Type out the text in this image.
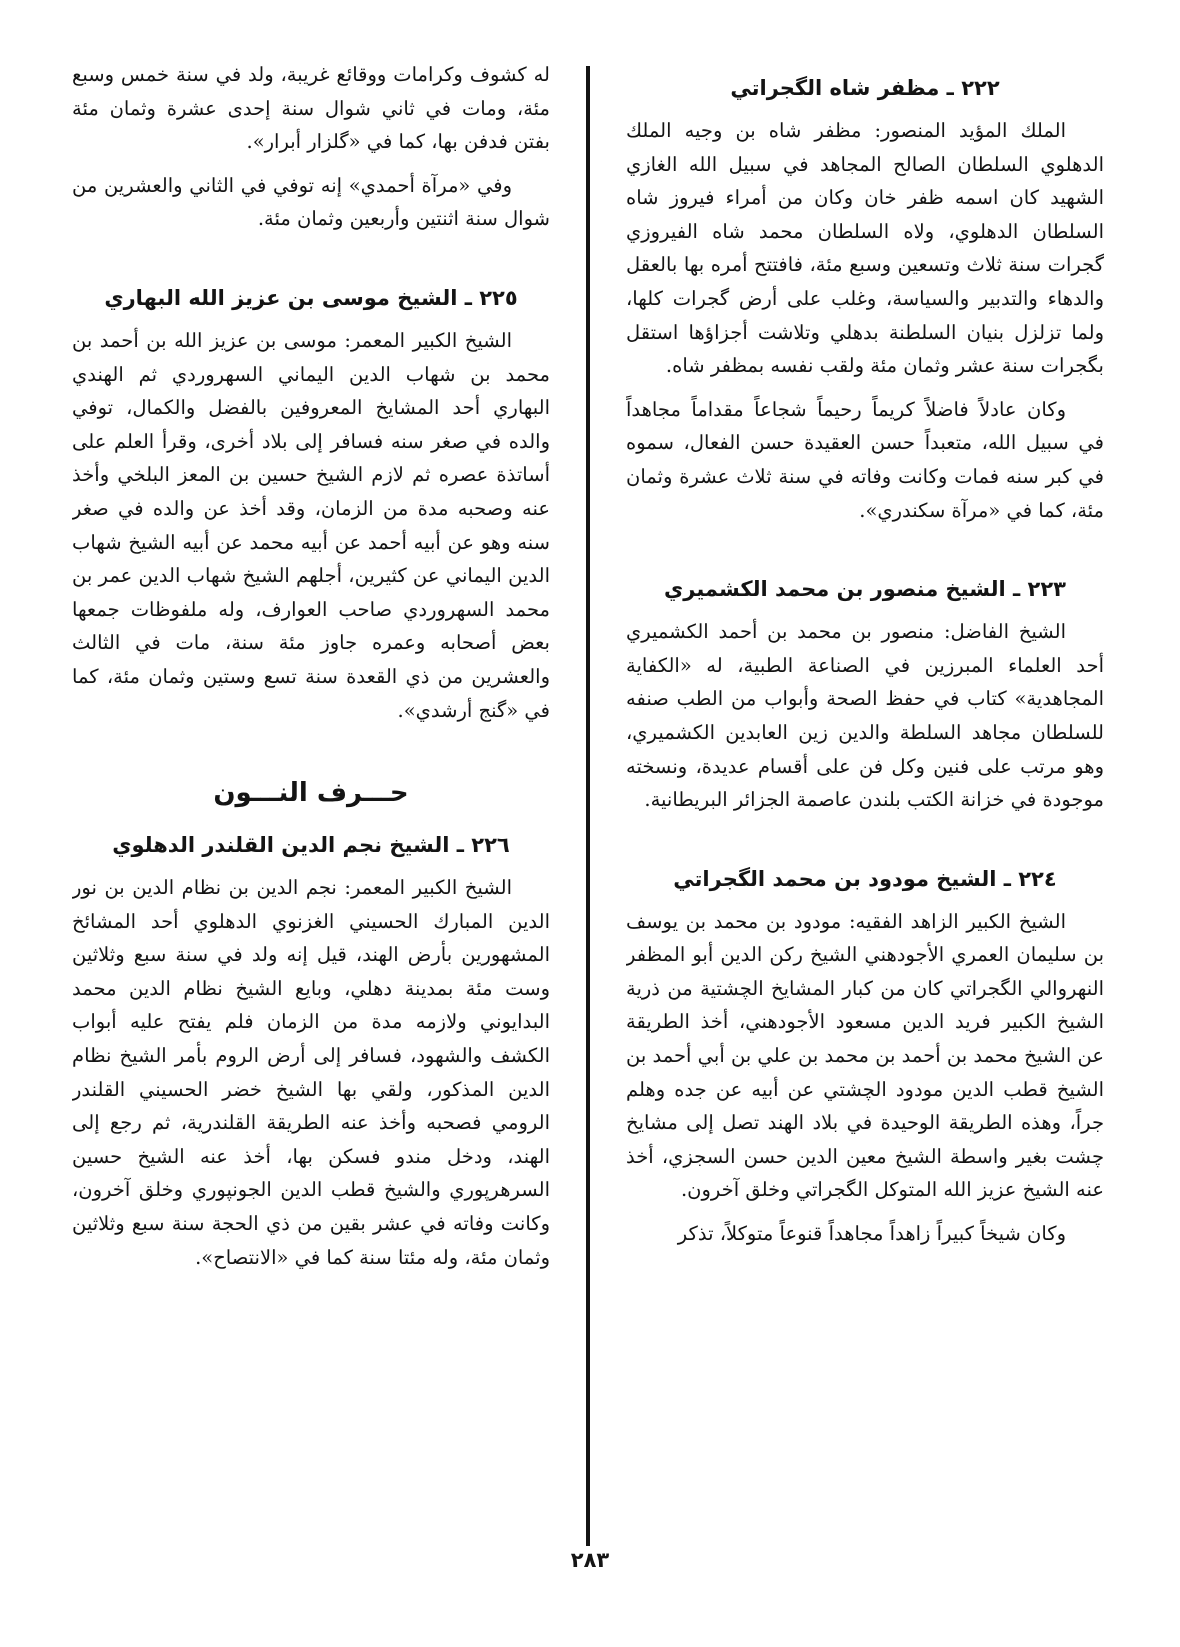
٢٢٢ ـ مظفر شاه الگجراتي

الملك المؤيد المنصور: مظفر شاه بن وجيه الملك الدهلوي السلطان الصالح المجاهد في سبيل الله الغازي الشهيد كان اسمه ظفر خان وكان من أمراء فيروز شاه السلطان الدهلوي، ولاه السلطان محمد شاه الفيروزي گجرات سنة ثلاث وتسعين وسبع مئة، فافتتح أمره بها بالعقل والدهاء والتدبير والسياسة، وغلب على أرض گجرات كلها، ولما تزلزل بنيان السلطنة بدهلي وتلاشت أجزاؤها استقل بگجرات سنة عشر وثمان مئة ولقب نفسه بمظفر شاه.

وكان عادلاً فاضلاً كريماً رحيماً شجاعاً مقداماً مجاهداً في سبيل الله، متعبداً حسن العقيدة حسن الفعال، سموه في كبر سنه فمات وكانت وفاته في سنة ثلاث عشرة وثمان مئة، كما في «مرآة سكندري».

٢٢٣ ـ الشيخ منصور بن محمد الكشميري

الشيخ الفاضل: منصور بن محمد بن أحمد الكشميري أحد العلماء المبرزين في الصناعة الطبية، له «الكفاية المجاهدية» كتاب في حفظ الصحة وأبواب من الطب صنفه للسلطان مجاهد السلطة والدين زين العابدين الكشميري، وهو مرتب على فنين وكل فن على أقسام عديدة، ونسخته موجودة في خزانة الكتب بلندن عاصمة الجزائر البريطانية.

٢٢٤ ـ الشيخ مودود بن محمد الگجراتي

الشيخ الكبير الزاهد الفقيه: مودود بن محمد بن يوسف بن سليمان العمري الأجودهني الشيخ ركن الدين أبو المظفر النهروالي الگجراتي كان من كبار المشايخ الچشتية من ذرية الشيخ الكبير فريد الدين مسعود الأجودهني، أخذ الطريقة عن الشيخ محمد بن أحمد بن محمد بن علي بن أبي أحمد بن الشيخ قطب الدين مودود الچشتي عن أبيه عن جده وهلم جراً، وهذه الطريقة الوحيدة في بلاد الهند تصل إلى مشايخ چشت بغير واسطة الشيخ معين الدين حسن السجزي، أخذ عنه الشيخ عزيز الله المتوكل الگجراتي وخلق آخرون.

وكان شيخاً كبيراً زاهداً مجاهداً قنوعاً متوكلاً، تذكر

له كشوف وكرامات ووقائع غريبة، ولد في سنة خمس وسبع مئة، ومات في ثاني شوال سنة إحدى عشرة وثمان مئة بفتن فدفن بها، كما في «گلزار أبرار».

وفي «مرآة أحمدي» إنه توفي في الثاني والعشرين من شوال سنة اثنتين وأربعين وثمان مئة.

٢٢٥ ـ الشيخ موسى بن عزيز الله البهاري

الشيخ الكبير المعمر: موسى بن عزيز الله بن أحمد بن محمد بن شهاب الدين اليماني السهروردي ثم الهندي البهاري أحد المشايخ المعروفين بالفضل والكمال، توفي والده في صغر سنه فسافر إلى بلاد أخرى، وقرأ العلم على أساتذة عصره ثم لازم الشيخ حسين بن المعز البلخي وأخذ عنه وصحبه مدة من الزمان، وقد أخذ عن والده في صغر سنه وهو عن أبيه أحمد عن أبيه محمد عن أبيه الشيخ شهاب الدين اليماني عن كثيرين، أجلهم الشيخ شهاب الدين عمر بن محمد السهروردي صاحب العوارف، وله ملفوظات جمعها بعض أصحابه وعمره جاوز مئة سنة، مات في الثالث والعشرين من ذي القعدة سنة تسع وستين وثمان مئة، كما في «گنج أرشدي».

حـــرف النـــون
٢٢٦ ـ الشيخ نجم الدين القلندر الدهلوي

الشيخ الكبير المعمر: نجم الدين بن نظام الدين بن نور الدين المبارك الحسيني الغزنوي الدهلوي أحد المشائخ المشهورين بأرض الهند، قيل إنه ولد في سنة سبع وثلاثين وست مئة بمدينة دهلي، وبايع الشيخ نظام الدين محمد البدايوني ولازمه مدة من الزمان فلم يفتح عليه أبواب الكشف والشهود، فسافر إلى أرض الروم بأمر الشيخ نظام الدين المذكور، ولقي بها الشيخ خضر الحسيني القلندر الرومي فصحبه وأخذ عنه الطريقة القلندرية، ثم رجع إلى الهند، ودخل مندو فسكن بها، أخذ عنه الشيخ حسين السرهرپوري والشيخ قطب الدين الجونپوري وخلق آخرون، وكانت وفاته في عشر بقين من ذي الحجة سنة سبع وثلاثين وثمان مئة، وله مئتا سنة كما في «الانتصاح».

٢٨٣
